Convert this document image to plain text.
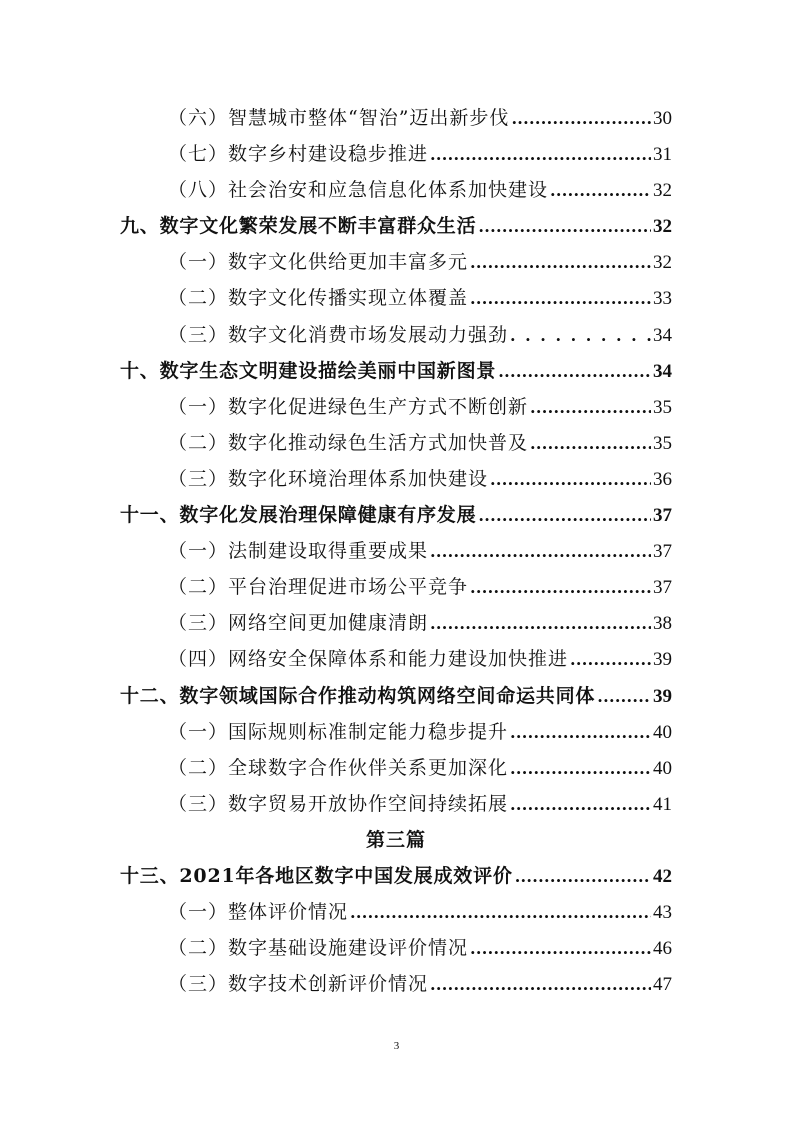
（六）智慧城市整体“智治”迈出新步伐 .....	30
（七）数字乡村建设稳步推进 .....	31
（八）社会治安和应急信息化体系加快建设 .....	32
九、数字文化繁荣发展不断丰富群众生活 .....	32
（一）数字文化供给更加丰富多元 .....	32
（二）数字文化传播实现立体覆盖 .....	33
（三）数字文化消费市场发展动力强劲 . . .	34
十、数字生态文明建设描绘美丽中国新图景 .....	34
（一）数字化促进绿色生产方式不断创新 .....	35
（二）数字化推动绿色生活方式加快普及 .....	35
（三）数字化环境治理体系加快建设 .....	36
十一、数字化发展治理保障健康有序发展 .....	37
（一）法制建设取得重要成果 .....	37
（二）平台治理促进市场公平竞争 .....	37
（三）网络空间更加健康清朗 .....	38
（四）网络安全保障体系和能力建设加快推进 .....	39
十二、数字领域国际合作推动构筑网络空间命运共同体 .....	39
（一）国际规则标准制定能力稳步提升 .....	40
（二）全球数字合作伙伴关系更加深化 .....	40
（三）数字贸易开放协作空间持续拓展 .....	41
第三篇
十三、2021年各地区数字中国发展成效评价 .....	42
（一）整体评价情况 .....	43
（二）数字基础设施建设评价情况 .....	46
（三）数字技术创新评价情况 .....	47
3
